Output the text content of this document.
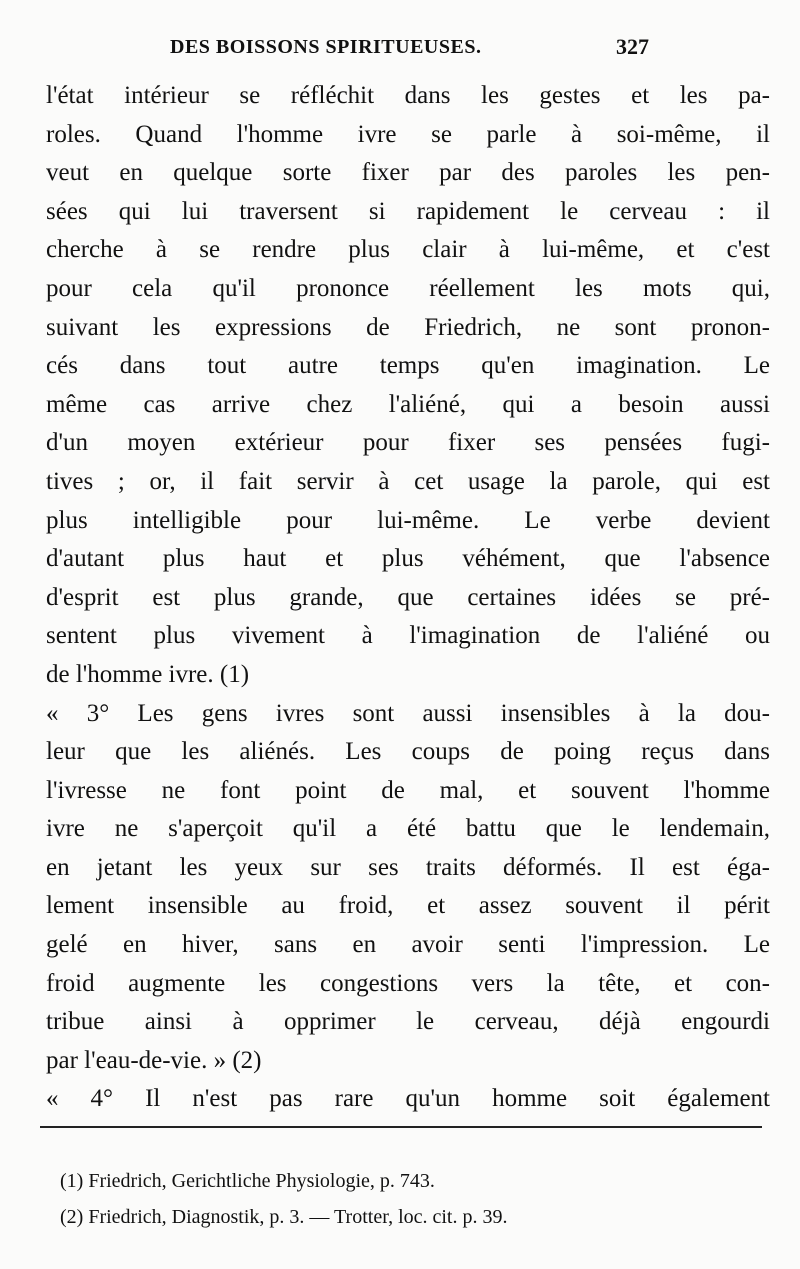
DES BOISSONS SPIRITUEUSES.	327
l'état intérieur se réfléchit dans les gestes et les pa-
roles. Quand l'homme ivre se parle à soi-même, il
veut en quelque sorte fixer par des paroles les pen-
sées qui lui traversent si rapidement le cerveau : il
cherche à se rendre plus clair à lui-même, et c'est
pour cela qu'il prononce réellement les mots qui,
suivant les expressions de Friedrich, ne sont pronon-
cés dans tout autre temps qu'en imagination. Le
même cas arrive chez l'aliéné, qui a besoin aussi
d'un moyen extérieur pour fixer ses pensées fugi-
tives ; or, il fait servir à cet usage la parole, qui est
plus intelligible pour lui-même. Le verbe devient
d'autant plus haut et plus véhément, que l'absence
d'esprit est plus grande, que certaines idées se pré-
sentent plus vivement à l'imagination de l'aliéné ou
de l'homme ivre. (1)
« 3° Les gens ivres sont aussi insensibles à la dou-
leur que les aliénés. Les coups de poing reçus dans
l'ivresse ne font point de mal, et souvent l'homme
ivre ne s'aperçoit qu'il a été battu que le lendemain,
en jetant les yeux sur ses traits déformés. Il est éga-
lement insensible au froid, et assez souvent il périt
gelé en hiver, sans en avoir senti l'impression. Le
froid augmente les congestions vers la tête, et con-
tribue ainsi à opprimer le cerveau, déjà engourdi
par l'eau-de-vie. » (2)
« 4° Il n'est pas rare qu'un homme soit également
(1) Friedrich, Gerichtliche Physiologie, p. 743.
(2) Friedrich, Diagnostik, p. 3. — Trotter, loc. cit. p. 39.
